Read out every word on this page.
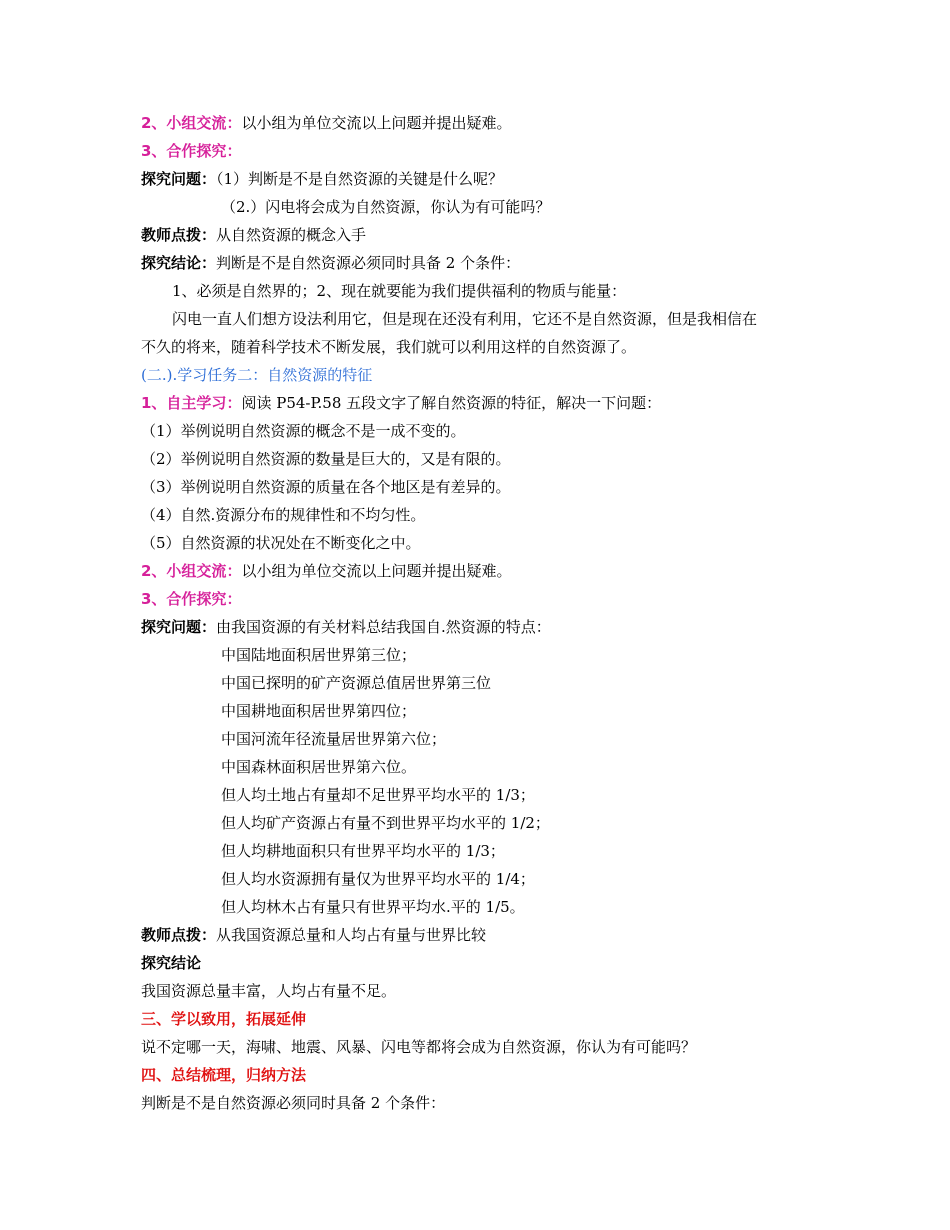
2、小组交流：以小组为单位交流以上问题并提出疑难。
3、合作探究：
探究问题：（1）判断是不是自然资源的关键是什么呢？
（2.）闪电将会成为自然资源，你认为有可能吗？
教师点拨：从自然资源的概念入手
探究结论：判断是不是自然资源必须同时具备 2 个条件：
1、必须是自然界的；2、现在就要能为我们提供福利的物质与能量：
闪电一直人们想方设法利用它，但是现在还没有利用，它还不是自然资源，但是我相信在
不久的将来，随着科学技术不断发展，我们就可以利用这样的自然资源了。
(二.).学习任务二：自然资源的特征
1、自主学习：阅读 P54-P.58 五段文字了解自然资源的特征，解决一下问题：
（1）举例说明自然资源的概念不是一成不变的。
（2）举例说明自然资源的数量是巨大的，又是有限的。
（3）举例说明自然资源的质量在各个地区是有差异的。
（4）自然.资源分布的规律性和不均匀性。
（5）自然资源的状况处在不断变化之中。
2、小组交流：以小组为单位交流以上问题并提出疑难。
3、合作探究：
探究问题：由我国资源的有关材料总结我国自.然资源的特点：
中国陆地面积居世界第三位；
中国已探明的矿产资源总值居世界第三位
中国耕地面积居世界第四位；
中国河流年径流量居世界第六位；
中国森林面积居世界第六位。
但人均土地占有量却不足世界平均水平的 1/3；
但人均矿产资源占有量不到世界平均水平的 1/2；
但人均耕地面积只有世界平均水平的 1/3；
但人均水资源拥有量仅为世界平均水平的 1/4；
但人均林木占有量只有世界平均水.平的 1/5。
教师点拨：从我国资源总量和人均占有量与世界比较
探究结论
我国资源总量丰富，人均占有量不足。
三、学以致用，拓展延伸
说不定哪一天，海啸、地震、风暴、闪电等都将会成为自然资源，你认为有可能吗？
四、总结梳理，归纳方法
判断是不是自然资源必须同时具备 2 个条件：
